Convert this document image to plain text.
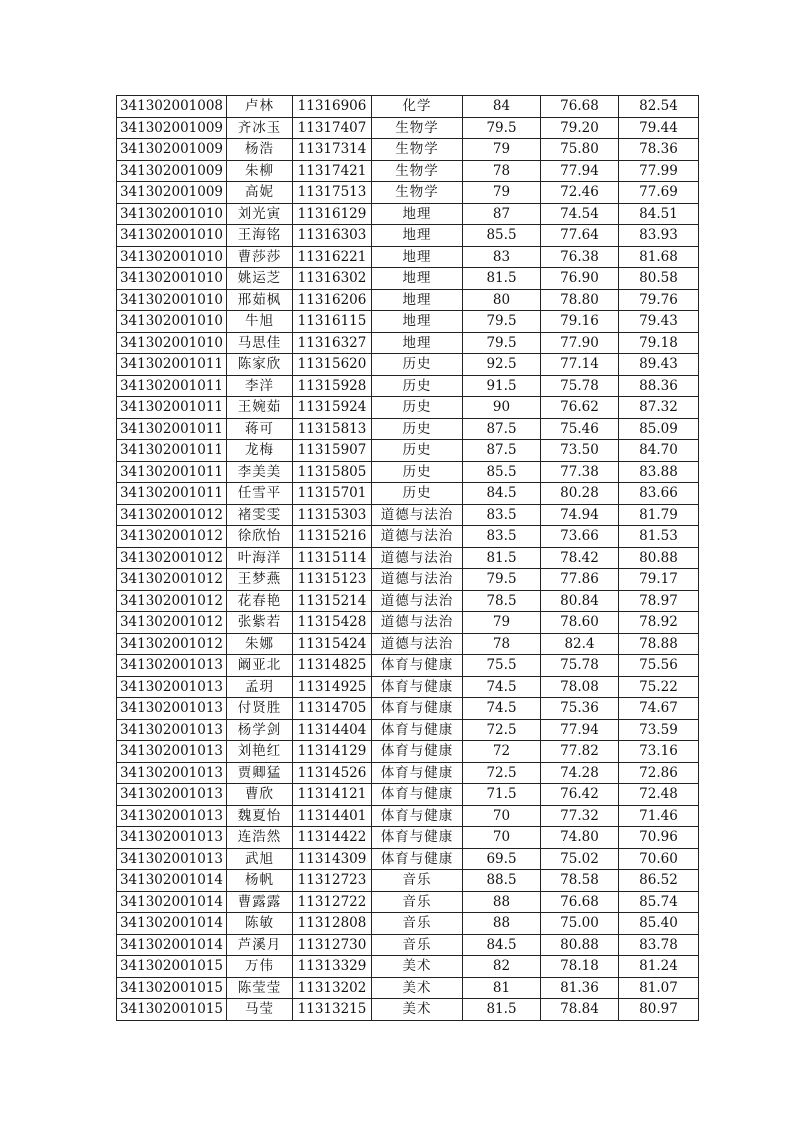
341302001008	卢林	11316906	化学	84	76.68	82.54
341302001009	齐冰玉	11317407	生物学	79.5	79.20	79.44
341302001009	杨浩	11317314	生物学	79	75.80	78.36
341302001009	朱柳	11317421	生物学	78	77.94	77.99
341302001009	高妮	11317513	生物学	79	72.46	77.69
341302001010	刘光寅	11316129	地理	87	74.54	84.51
341302001010	王海铭	11316303	地理	85.5	77.64	83.93
341302001010	曹莎莎	11316221	地理	83	76.38	81.68
341302001010	姚运芝	11316302	地理	81.5	76.90	80.58
341302001010	邢茹枫	11316206	地理	80	78.80	79.76
341302001010	牛旭	11316115	地理	79.5	79.16	79.43
341302001010	马思佳	11316327	地理	79.5	77.90	79.18
341302001011	陈家欣	11315620	历史	92.5	77.14	89.43
341302001011	李洋	11315928	历史	91.5	75.78	88.36
341302001011	王婉茹	11315924	历史	90	76.62	87.32
341302001011	蒋可	11315813	历史	87.5	75.46	85.09
341302001011	龙梅	11315907	历史	87.5	73.50	84.70
341302001011	李美美	11315805	历史	85.5	77.38	83.88
341302001011	任雪平	11315701	历史	84.5	80.28	83.66
341302001012	褚雯雯	11315303	道德与法治	83.5	74.94	81.79
341302001012	徐欣怡	11315216	道德与法治	83.5	73.66	81.53
341302001012	叶海洋	11315114	道德与法治	81.5	78.42	80.88
341302001012	王梦燕	11315123	道德与法治	79.5	77.86	79.17
341302001012	花春艳	11315214	道德与法治	78.5	80.84	78.97
341302001012	张紫若	11315428	道德与法治	79	78.60	78.92
341302001012	朱娜	11315424	道德与法治	78	82.4	78.88
341302001013	阚亚北	11314825	体育与健康	75.5	75.78	75.56
341302001013	孟玥	11314925	体育与健康	74.5	78.08	75.22
341302001013	付贤胜	11314705	体育与健康	74.5	75.36	74.67
341302001013	杨学剑	11314404	体育与健康	72.5	77.94	73.59
341302001013	刘艳红	11314129	体育与健康	72	77.82	73.16
341302001013	贾卿猛	11314526	体育与健康	72.5	74.28	72.86
341302001013	曹欣	11314121	体育与健康	71.5	76.42	72.48
341302001013	魏夏怡	11314401	体育与健康	70	77.32	71.46
341302001013	连浩然	11314422	体育与健康	70	74.80	70.96
341302001013	武旭	11314309	体育与健康	69.5	75.02	70.60
341302001014	杨帆	11312723	音乐	88.5	78.58	86.52
341302001014	曹露露	11312722	音乐	88	76.68	85.74
341302001014	陈敏	11312808	音乐	88	75.00	85.40
341302001014	芦溪月	11312730	音乐	84.5	80.88	83.78
341302001015	万伟	11313329	美术	82	78.18	81.24
341302001015	陈莹莹	11313202	美术	81	81.36	81.07
341302001015	马莹	11313215	美术	81.5	78.84	80.97
